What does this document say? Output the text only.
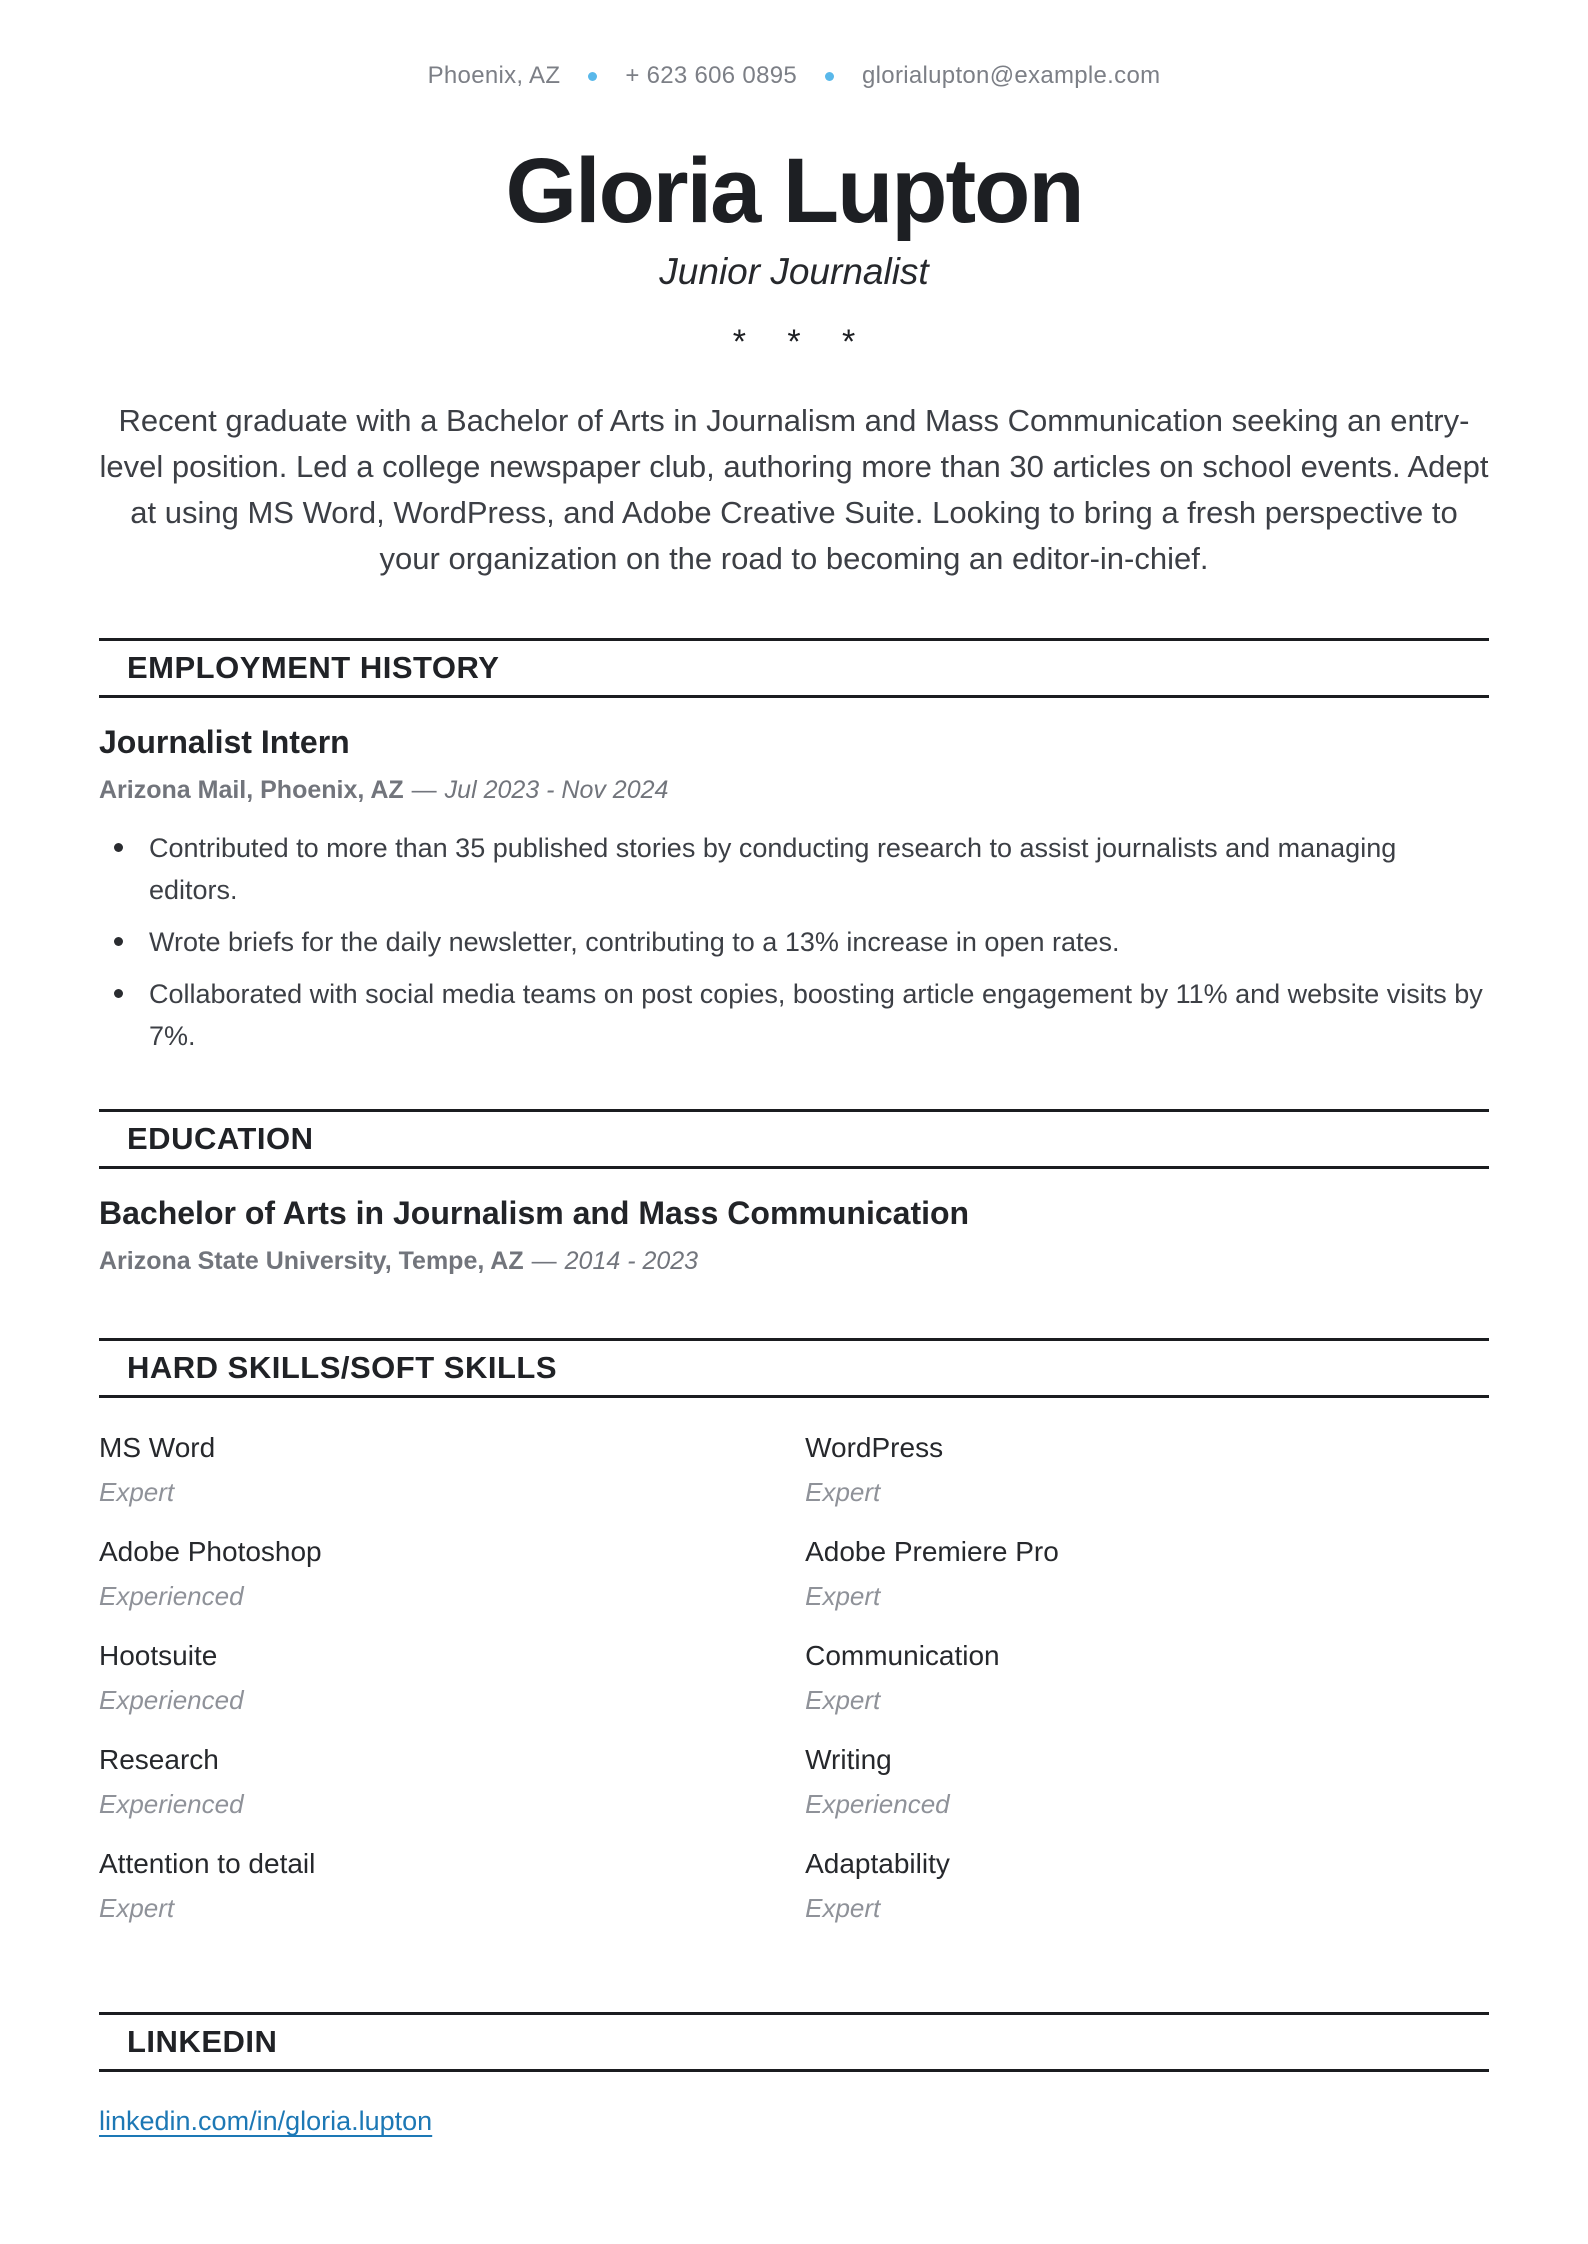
Phoenix, AZ	+ 623 606 0895	glorialupton@example.com
Gloria Lupton
Junior Journalist
* * *

Recent graduate with a Bachelor of Arts in Journalism and Mass Communication seeking an entry-level position. Led a college newspaper club, authoring more than 30 articles on school events. Adept at using MS Word, WordPress, and Adobe Creative Suite. Looking to bring a fresh perspective to your organization on the road to becoming an editor-in-chief.

EMPLOYMENT HISTORY
Journalist Intern
Arizona Mail, Phoenix, AZ — Jul 2023 - Nov 2024
Contributed to more than 35 published stories by conducting research to assist journalists and managing editors.
Wrote briefs for the daily newsletter, contributing to a 13% increase in open rates.
Collaborated with social media teams on post copies, boosting article engagement by 11% and website visits by 7%.
EDUCATION
Bachelor of Arts in Journalism and Mass Communication
Arizona State University, Tempe, AZ — 2014 - 2023
HARD SKILLS/SOFT SKILLS
MS Word
Expert
WordPress
Expert
Adobe Photoshop
Experienced
Adobe Premiere Pro
Expert
Hootsuite
Experienced
Communication
Expert
Research
Experienced
Writing
Experienced
Attention to detail
Expert
Adaptability
Expert
LINKEDIN
linkedin.com/in/gloria.lupton
